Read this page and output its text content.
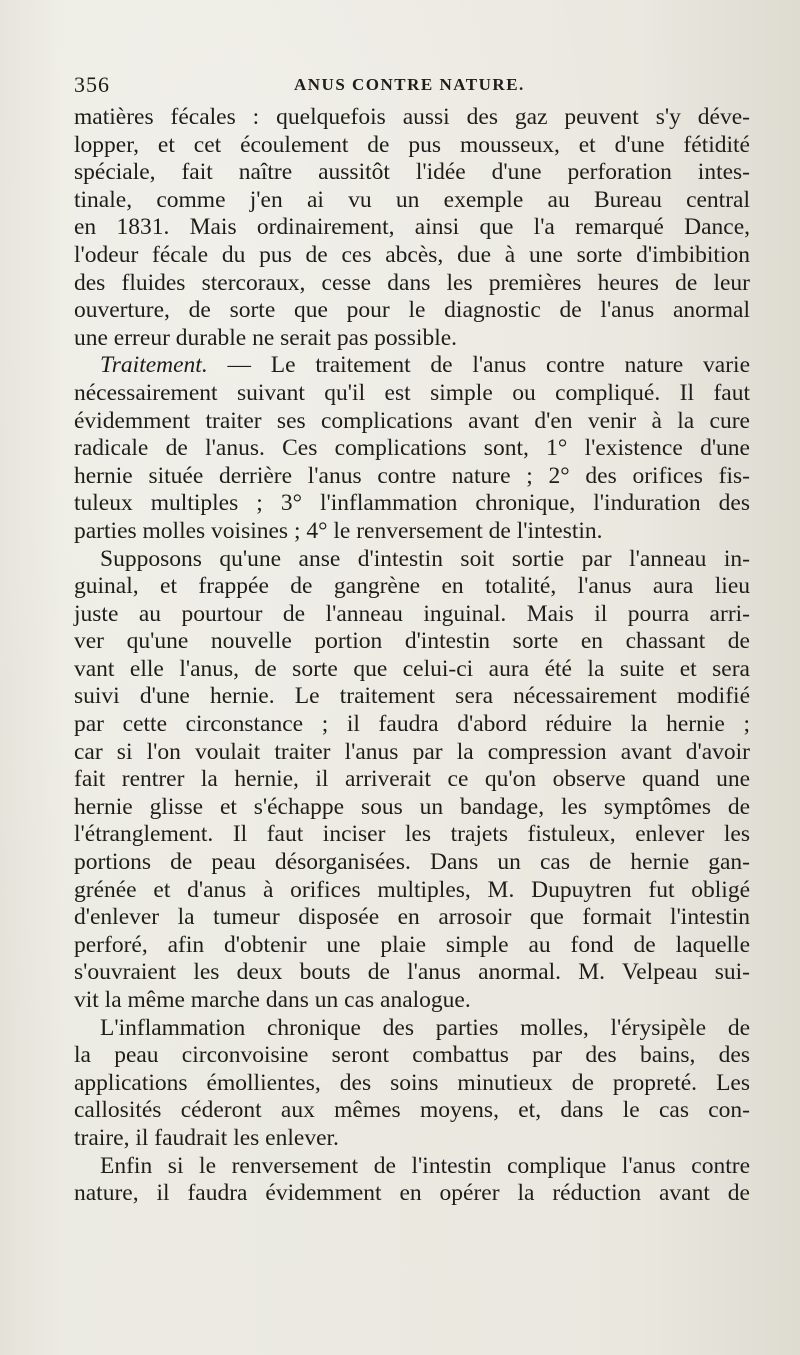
356	ANUS CONTRE NATURE.
matières fécales : quelquefois aussi des gaz peuvent s'y déve-
lopper, et cet écoulement de pus mousseux, et d'une fétidité
spéciale, fait naître aussitôt l'idée d'une perforation intes-
tinale, comme j'en ai vu un exemple au Bureau central
en 1831. Mais ordinairement, ainsi que l'a remarqué Dance,
l'odeur fécale du pus de ces abcès, due à une sorte d'imbibition
des fluides stercoraux, cesse dans les premières heures de leur
ouverture, de sorte que pour le diagnostic de l'anus anormal
une erreur durable ne serait pas possible.
Traitement. — Le traitement de l'anus contre nature varie
nécessairement suivant qu'il est simple ou compliqué. Il faut
évidemment traiter ses complications avant d'en venir à la cure
radicale de l'anus. Ces complications sont, 1° l'existence d'une
hernie située derrière l'anus contre nature ; 2° des orifices fis-
tuleux multiples ; 3° l'inflammation chronique, l'induration des
parties molles voisines ; 4° le renversement de l'intestin.
Supposons qu'une anse d'intestin soit sortie par l'anneau in-
guinal, et frappée de gangrène en totalité, l'anus aura lieu
juste au pourtour de l'anneau inguinal. Mais il pourra arri-
ver qu'une nouvelle portion d'intestin sorte en chassant de
vant elle l'anus, de sorte que celui-ci aura été la suite et sera
suivi d'une hernie. Le traitement sera nécessairement modifié
par cette circonstance ; il faudra d'abord réduire la hernie ;
car si l'on voulait traiter l'anus par la compression avant d'avoir
fait rentrer la hernie, il arriverait ce qu'on observe quand une
hernie glisse et s'échappe sous un bandage, les symptômes de
l'étranglement. Il faut inciser les trajets fistuleux, enlever les
portions de peau désorganisées. Dans un cas de hernie gan-
grénée et d'anus à orifices multiples, M. Dupuytren fut obligé
d'enlever la tumeur disposée en arrosoir que formait l'intestin
perforé, afin d'obtenir une plaie simple au fond de laquelle
s'ouvraient les deux bouts de l'anus anormal. M. Velpeau sui-
vit la même marche dans un cas analogue.
L'inflammation chronique des parties molles, l'érysipèle de
la peau circonvoisine seront combattus par des bains, des
applications émollientes, des soins minutieux de propreté. Les
callosités céderont aux mêmes moyens, et, dans le cas con-
traire, il faudrait les enlever.
Enfin si le renversement de l'intestin complique l'anus contre
nature, il faudra évidemment en opérer la réduction avant de
